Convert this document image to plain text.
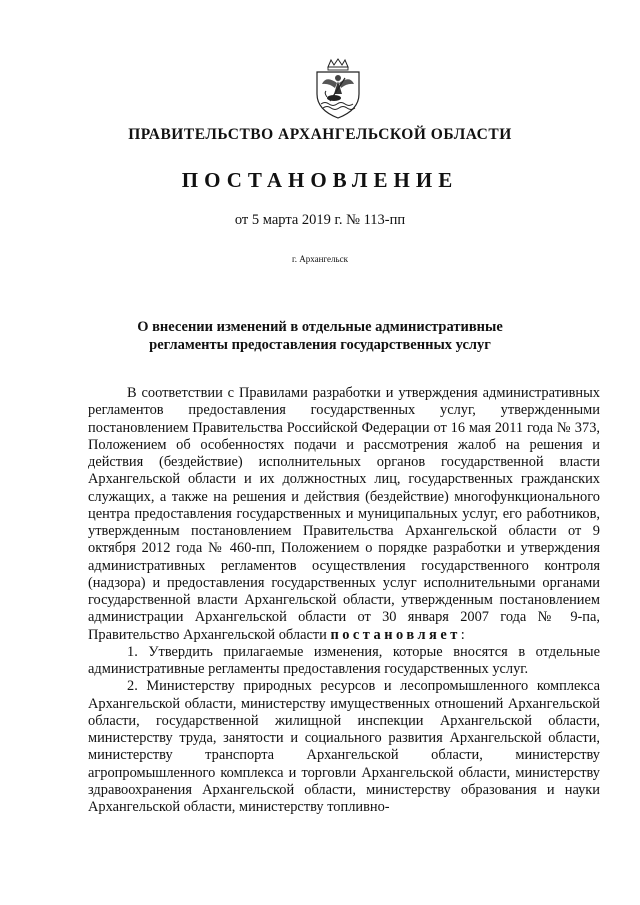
ПРАВИТЕЛЬСТВО АРХАНГЕЛЬСКОЙ ОБЛАСТИ
ПОСТАНОВЛЕНИЕ
от 5 марта 2019 г. № 113-пп
г. Архангельск
О внесении изменений в отдельные административные
регламенты предоставления государственных услуг

В соответствии с Правилами разработки и утверждения административных регламентов предоставления государственных услуг, утвержденными постановлением Правительства Российской Федерации от 16 мая 2011 года № 373, Положением об особенностях подачи и рассмотрения жалоб на решения и действия (бездействие) исполнительных органов государственной власти Архангельской области и их должностных лиц, государственных гражданских служащих, а также на решения и действия (бездействие) многофункционального центра предоставления государственных и муниципальных услуг, его работников, утвержденным постановлением Правительства Архангельской области от 9 октября 2012 года № 460-пп, Положением о порядке разработки и утверждения административных регламентов осуществления государственного контроля (надзора) и предоставления государственных услуг исполнительными органами государственной власти Архангельской области, утвержденным постановлением администрации Архангельской области от 30 января 2007 года № 9-па, Правительство Архангельской области постановляет:

1. Утвердить прилагаемые изменения, которые вносятся в отдельные административные регламенты предоставления государственных услуг.

2. Министерству природных ресурсов и лесопромышленного комплекса Архангельской области, министерству имущественных отношений Архангельской области, государственной жилищной инспекции Архангельской области, министерству труда, занятости и социального развития Архангельской области, министерству транспорта Архангельской области, министерству агропромышленного комплекса и торговли Архангельской области, министерству здравоохранения Архангельской области, министерству образования и науки Архангельской области, министерству топливно-
